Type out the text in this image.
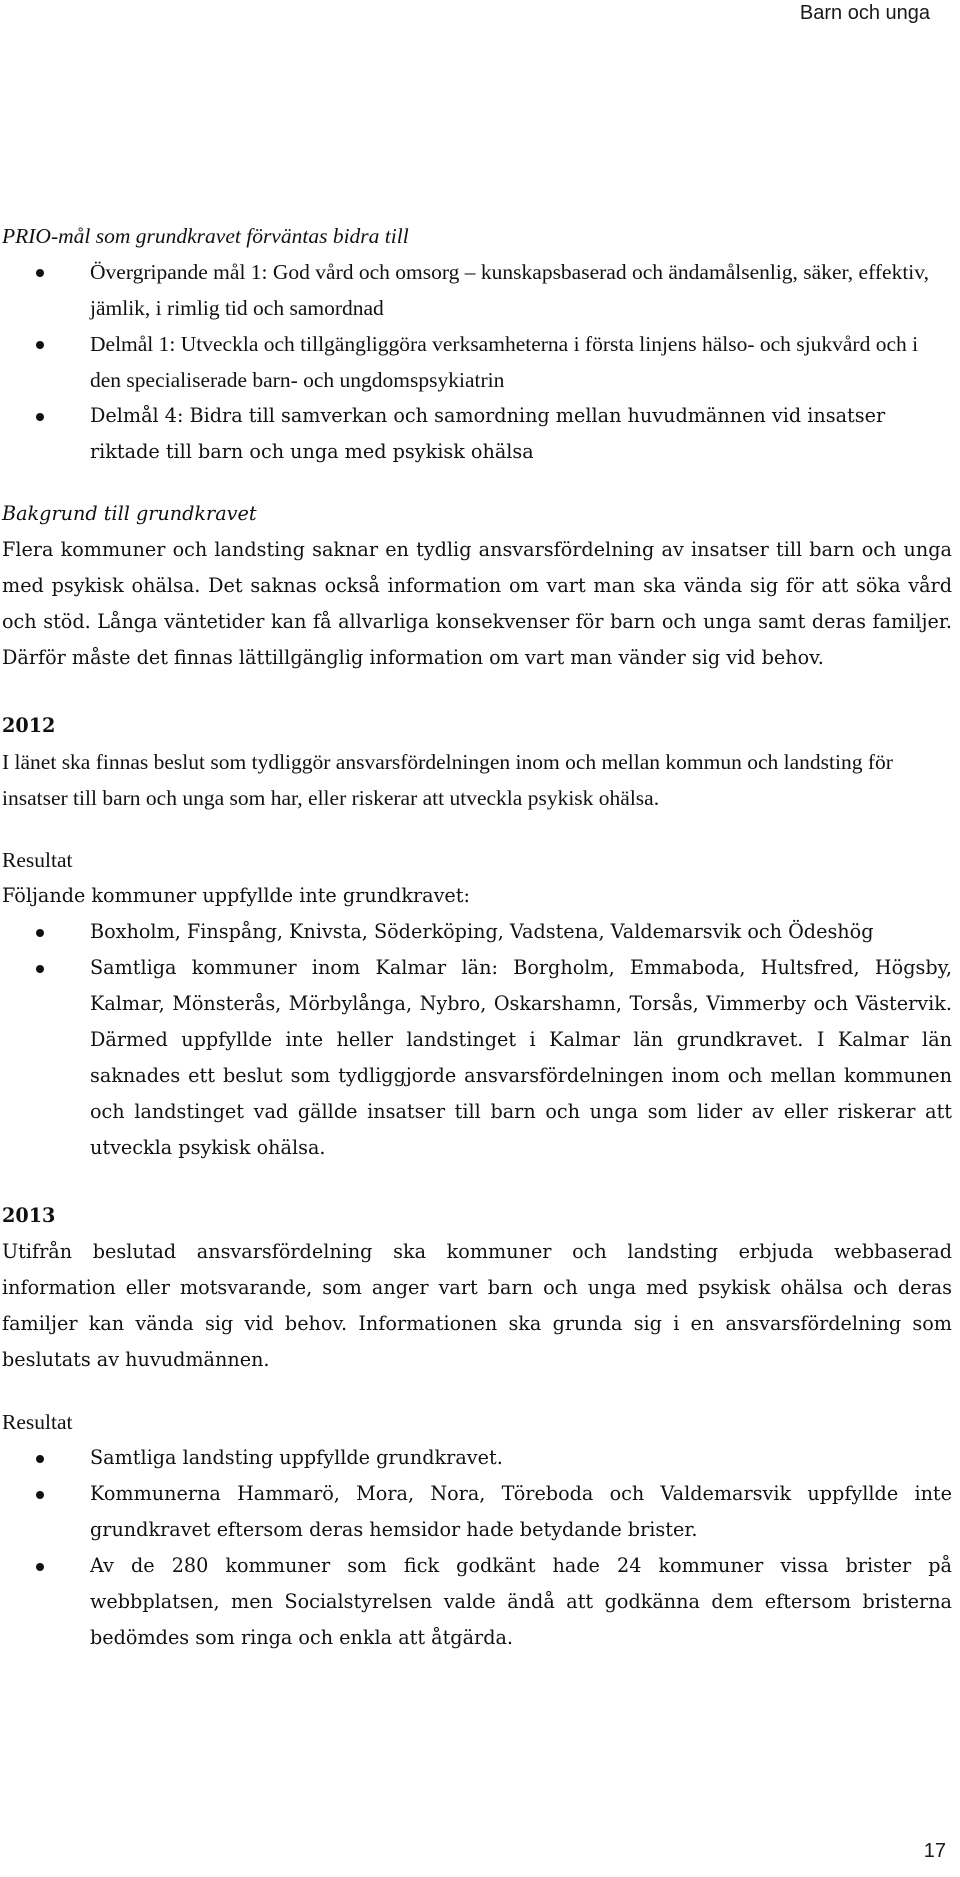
Barn och unga
PRIO-mål som grundkravet förväntas bidra till
Övergripande mål 1: God vård och omsorg – kunskapsbaserad och ändamålsenlig, säker, effektiv, jämlik, i rimlig tid och samordnad
Delmål 1: Utveckla och tillgängliggöra verksamheterna i första linjens hälso- och sjukvård och i den specialiserade barn- och ungdomspsykiatrin
Delmål 4: Bidra till samverkan och samordning mellan huvudmännen vid insatser riktade till barn och unga med psykisk ohälsa
Bakgrund till grundkravet

Flera kommuner och landsting saknar en tydlig ansvarsfördelning av insatser till barn och unga med psykisk ohälsa. Det saknas också information om vart man ska vända sig för att söka vård och stöd. Långa väntetider kan få allvarliga konsekvenser för barn och unga samt deras familjer. Därför måste det finnas lättillgänglig information om vart man vänder sig vid behov.

2012

I länet ska finnas beslut som tydliggör ansvarsfördelningen inom och mellan kommun och landsting för insatser till barn och unga som har, eller riskerar att utveckla psykisk ohälsa.

Resultat

Följande kommuner uppfyllde inte grundkravet:

Boxholm, Finspång, Knivsta, Söderköping, Vadstena, Valdemarsvik och Ödeshög
Samtliga kommuner inom Kalmar län: Borgholm, Emmaboda, Hultsfred, Högsby, Kalmar, Mönsterås, Mörbylånga, Nybro, Oskarshamn, Torsås, Vimmerby och Västervik. Därmed uppfyllde inte heller landstinget i Kalmar län grundkravet. I Kalmar län saknades ett beslut som tydliggjorde ansvarsfördelningen inom och mellan kommunen och landstinget vad gällde insatser till barn och unga som lider av eller riskerar att utveckla psykisk ohälsa.
2013

Utifrån beslutad ansvarsfördelning ska kommuner och landsting erbjuda webbaserad information eller motsvarande, som anger vart barn och unga med psykisk ohälsa och deras familjer kan vända sig vid behov. Informationen ska grunda sig i en ansvarsfördelning som beslutats av huvudmännen.

Resultat
Samtliga landsting uppfyllde grundkravet.
Kommunerna Hammarö, Mora, Nora, Töreboda och Valdemarsvik uppfyllde inte grundkravet eftersom deras hemsidor hade betydande brister.
Av de 280 kommuner som fick godkänt hade 24 kommuner vissa brister på webbplatsen, men Socialstyrelsen valde ändå att godkänna dem eftersom bristerna bedömdes som ringa och enkla att åtgärda.
17
